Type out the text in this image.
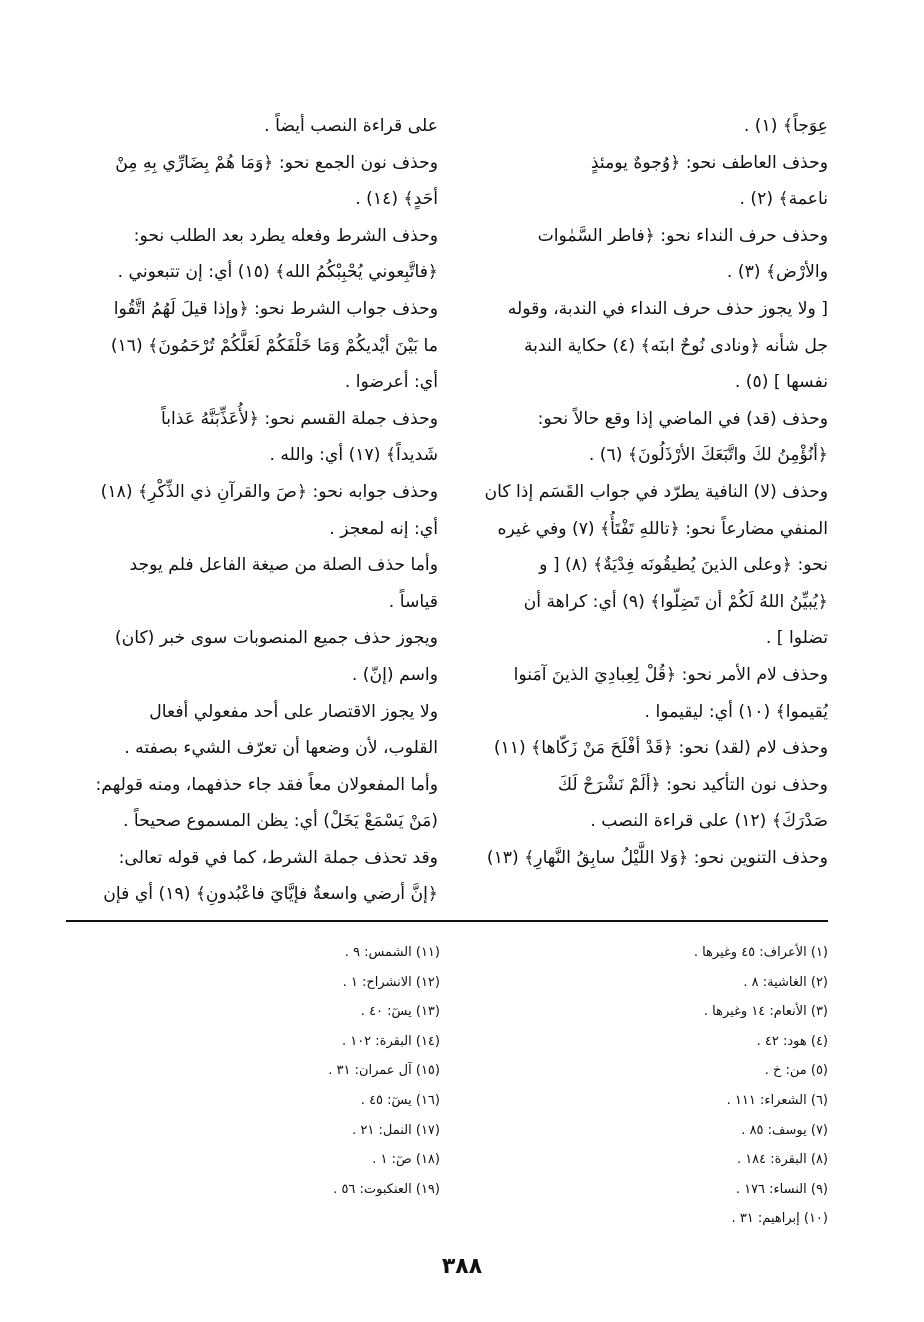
عِوَجاً﴾ (١) .
وحذف العاطف نحو: ﴿وُجوهٌ يومئذٍ
ناعمة﴾ (٢) .
وحذف حرف النداء نحو: ﴿فاطر السَّمٰوات
والأرْض﴾ (٣) .
[ ولا يجوز حذف حرف النداء في الندبة، وقوله
جل شأنه ﴿ونادى نُوحٌ ابنَه﴾ (٤) حكاية الندبة
نفسها ] (٥) .
وحذف (قد) في الماضي إذا وقع حالاً نحو:
﴿أنُؤْمِنُ لكَ واتَّبَعَكَ الأرْذَلُونَ﴾ (٦) .
وحذف (لا) النافية يطرّد في جواب القَسَم إذا كان
المنفي مضارعاً نحو: ﴿تاللهِ تَفْتَأُ﴾ (٧) وفي غيره
نحو: ﴿وعلى الذينَ يُطيقُونَه فِدْيَةٌ﴾ (٨) [ و
﴿يُبيِّنُ اللهُ لَكُمْ أن تَضِلّوا﴾ (٩) أي: كراهة أن
تضلوا ] .
وحذف لام الأمر نحو: ﴿قُلْ لِعِبادِيَ الذينَ آمَنوا
يُقيموا﴾ (١٠) أي: ليقيموا .
وحذف لام (لقد) نحو: ﴿قَدْ أفْلَحَ مَنْ زَكّاها﴾ (١١)
وحذف نون التأكيد نحو: ﴿ألَمْ نَشْرَحْ لَكَ
صَدْرَكَ﴾ (١٢) على قراءة النصب .
وحذف التنوين نحو: ﴿وَلا اللَّيْلُ سابِقُ النَّهارِ﴾ (١٣)
على قراءة النصب أيضاً .
وحذف نون الجمع نحو: ﴿وَمَا هُمْ بِضَارِّي بِهِ مِنْ
أحَدٍ﴾ (١٤) .
وحذف الشرط وفعله يطرد بعد الطلب نحو:
﴿فاتَّبِعوني يُحْبِبْكُمُ الله﴾ (١٥) أي: إن تتبعوني .
وحذف جواب الشرط نحو: ﴿وإذا قيلَ لَهُمُ اتَّقُوا
ما بَيْنَ أيْديكُمْ وَمَا خَلْفَكُمْ لَعَلَّكُمْ تُرْحَمُونَ﴾ (١٦)
أي: أعرضوا .
وحذف جملة القسم نحو: ﴿لأُعَذِّبَنَّهُ عَذاباً
شَديداً﴾ (١٧) أي: والله .
وحذف جوابه نحو: ﴿صَ والقرآنِ ذي الذِّكْرِ﴾ (١٨)
أي: إنه لمعجز .
وأما حذف الصلة من صيغة الفاعل فلم يوجد
قياساً .
ويجوز حذف جميع المنصوبات سوى خبر (كان)
واسم (إنّ) .
ولا يجوز الاقتصار على أحد مفعولي أفعال
القلوب، لأن وضعها أن تعرّف الشيء بصفته .
وأما المفعولان معاً فقد جاء حذفهما، ومنه قولهم:
(مَنْ يَسْمَعْ يَخَلْ) أي: يظن المسموع صحيحاً .
وقد تحذف جملة الشرط، كما في قوله تعالى:
﴿إنَّ أرضي واسعةٌ فإيَّايَ فاعْبُدونِ﴾ (١٩) أي فإن
(١) الأعراف: ٤٥ وغيرها .
(٢) الغاشية: ٨ .
(٣) الأنعام: ١٤ وغيرها .
(٤) هود: ٤٢ .
(٥) من: خ .
(٦) الشعراء: ١١١ .
(٧) يوسف: ٨٥ .
(٨) البقرة: ١٨٤ .
(٩) النساء: ١٧٦ .
(١٠) إبراهيم: ٣١ .
(١١) الشمس: ٩ .
(١٢) الانشراح: ١ .
(١٣) يسٓ: ٤٠ .
(١٤) البقرة: ١٠٢ .
(١٥) آل عمران: ٣١ .
(١٦) يسٓ: ٤٥ .
(١٧) النمل: ٢١ .
(١٨) صٓ: ١ .
(١٩) العنكبوت: ٥٦ .
٣٨٨
